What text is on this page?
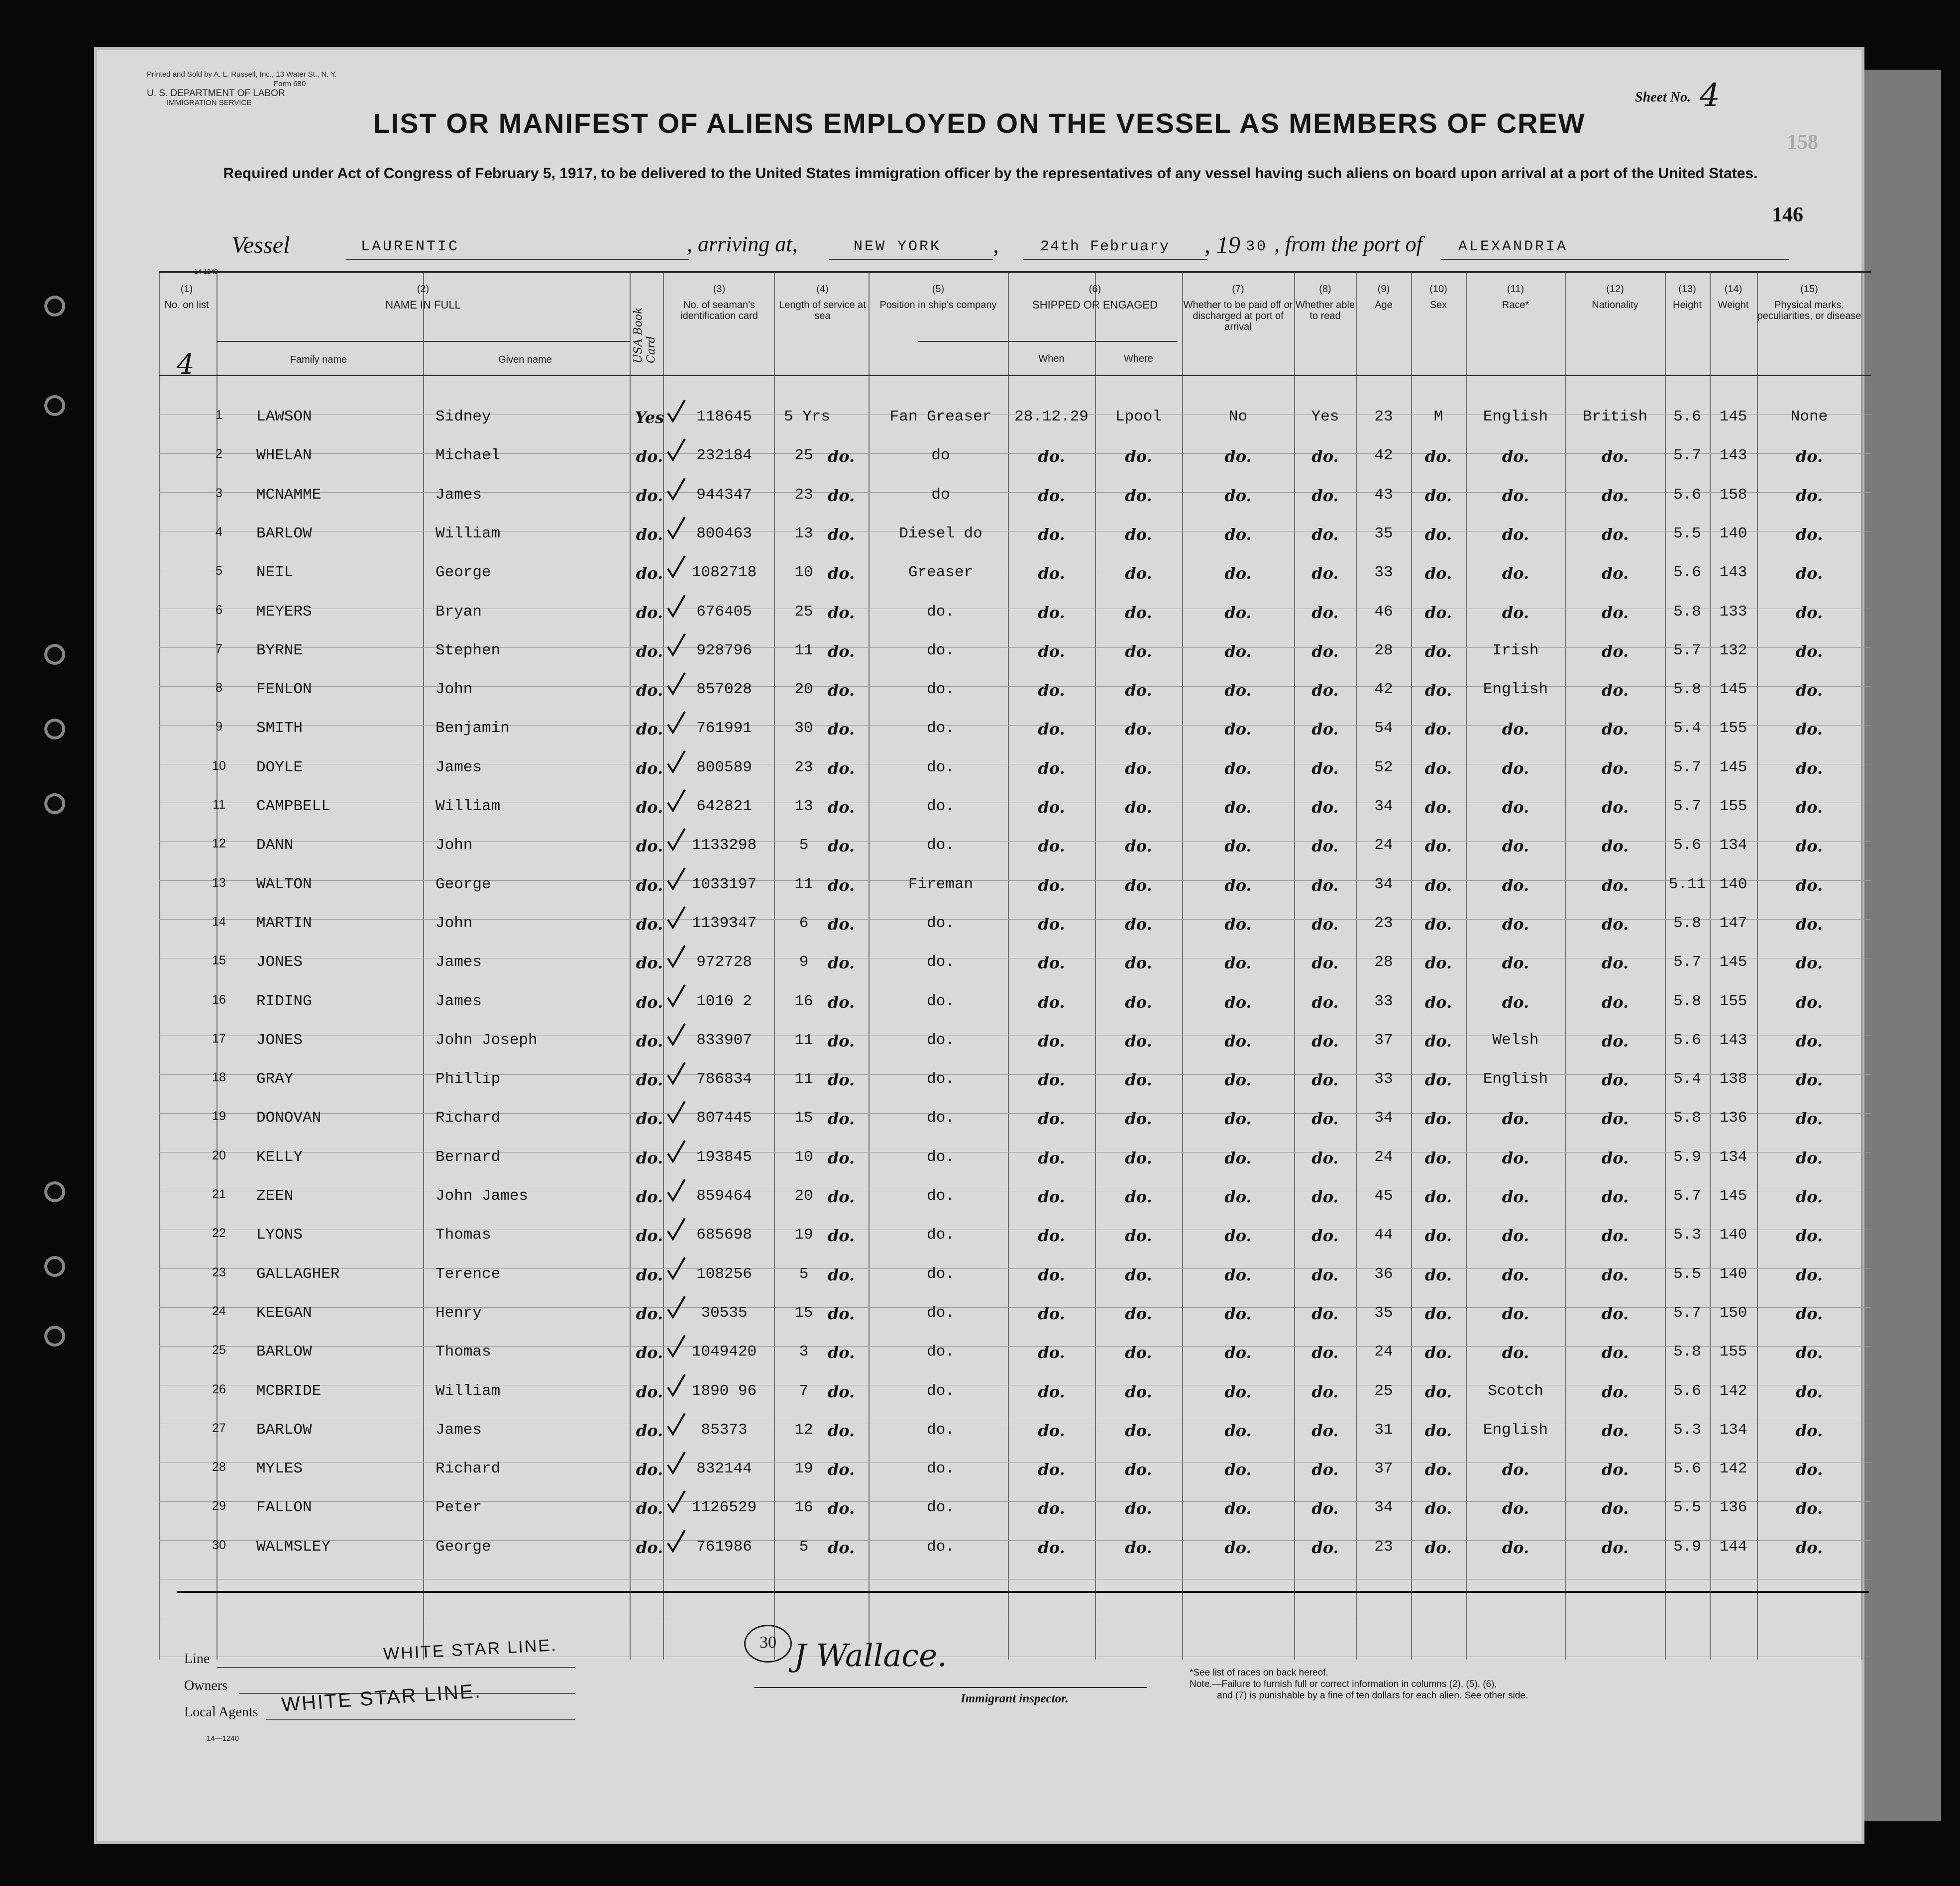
Printed and Sold by A. L. Russell, Inc., 13 Water St., N. Y.
Form 680
U. S. DEPARTMENT OF LABOR
IMMIGRATION SERVICE	Sheet No. 4
LIST OR MANIFEST OF ALIENS EMPLOYED ON THE VESSEL AS MEMBERS OF CREW
Required under Act of Congress of February 5, 1917, to be delivered to the United States immigration officer by the representatives of any vessel having such aliens on board upon arrival at a port of the United States.
146
Vessel	LAURENTIC	, arriving at,	NEW YORK ,	24th February , 19 30 , from the port of ALEXANDRIA
(1)
No. on list
4
(2)
NAME IN FULL
Family name	Given name	USA Book Card
(3)
No. of seaman's identification card
(4)
Length of service at sea
(5)
Position in ship's company
(6)
SHIPPED OR ENGAGED
When	Where
(7)
Whether to be paid off or discharged at port of arrival
(8)
Whether able to read
(9)
Age
(10)
Sex
(11)
Race*
(12)
Nationality
(13)
Height
(14)
Weight
(15)
Physical marks, peculiarities, or disease
1	LAWSON	Sidney	Yes	118645	5 Yrs	Fan Greaser	28.12.29	Lpool	No	Yes	23	M	English	British	5.6	145	None
2	WHELAN	Michael	do.	232184	25 do.	do	do.	do.	do.	do.	42	do.	do.	do.	5.7	143	do.
3	MCNAMME	James	do.	944347	23 do.	do	do.	do.	do.	do.	43	do.	do.	do.	5.6	158	do.
4	BARLOW	William	do.	800463	13 do.	Diesel do	do.	do.	do.	do.	35	do.	do.	do.	5.5	140	do.
5	NEIL	George	do.	1082718	10 do.	Greaser	do.	do.	do.	do.	33	do.	do.	do.	5.6	143	do.
6	MEYERS	Bryan	do.	676405	25 do.	do.	do.	do.	do.	do.	46	do.	do.	do.	5.8	133	do.
7	BYRNE	Stephen	do.	928796	11 do.	do.	do.	do.	do.	do.	28	do.	Irish	do.	5.7	132	do.
8	FENLON	John	do.	857028	20 do.	do.	do.	do.	do.	do.	42	do.	English	do.	5.8	145	do.
9	SMITH	Benjamin	do.	761991	30 do.	do.	do.	do.	do.	do.	54	do.	do.	do.	5.4	155	do.
10	DOYLE	James	do.	800589	23 do.	do.	do.	do.	do.	do.	52	do.	do.	do.	5.7	145	do.
11	CAMPBELL	William	do.	642821	13 do.	do.	do.	do.	do.	do.	34	do.	do.	do.	5.7	155	do.
12	DANN	John	do.	1133298	5	do.	do.	do.	do.	do.	do.	24	do.	do.	do.	5.6	134	do.
13	WALTON	George	do.	1033197	11 do.	Fireman	do.	do.	do.	do.	34	do.	do.	do.	5.11 140	do.
14	MARTIN	John	do.	1139347	6	do.	do.	do.	do.	do.	do.	23	do.	do.	do.	5.8	147	do.
15	JONES	James	do.	972728	9	do.	do.	do.	do.	do.	do.	28	do.	do.	do.	5.7	145	do.
16	RIDING	James	do.	1010 2	16 do.	do.	do.	do.	do.	do.	33	do.	do.	do.	5.8	155	do.
17	JONES	John Joseph	do.	833907	11 do.	do.	do.	do.	do.	do.	37	do.	Welsh	do.	5.6	143	do.
18	GRAY	Phillip	do.	786834	11 do.	do.	do.	do.	do.	do.	33	do.	English	do.	5.4	138	do.
19	DONOVAN	Richard	do.	807445	15 do.	do.	do.	do.	do.	do.	34	do.	do.	do.	5.8	136	do.
20	KELLY	Bernard	do.	193845	10 do.	do.	do.	do.	do.	do.	24	do.	do.	do.	5.9	134	do.
21	ZEEN	John James	do.	859464	20 do.	do.	do.	do.	do.	do.	45	do.	do.	do.	5.7	145	do.
22	LYONS	Thomas	do.	685698	19 do.	do.	do.	do.	do.	do.	44	do.	do.	do.	5.3	140	do.
23	GALLAGHER	Terence	do.	108256	5	do.	do.	do.	do.	do.	do.	36	do.	do.	do.	5.5	140	do.
24	KEEGAN	Henry	do.	30535	15 do.	do.	do.	do.	do.	do.	35	do.	do.	do.	5.7	150	do.
25	BARLOW	Thomas	do.	1049420	3	do.	do.	do.	do.	do.	do.	24	do.	do.	do.	5.8	155	do.
26	MCBRIDE	William	do.	1890 96	7	do.	do.	do.	do.	do.	do.	25	do.	Scotch	do.	5.6	142	do.
27	BARLOW	James	do.	85373	12 do.	do.	do.	do.	do.	do.	31	do.	English	do.	5.3	134	do.
28	MYLES	Richard	do.	832144	19 do.	do.	do.	do.	do.	do.	37	do.	do.	do.	5.6	142	do.
29	FALLON	Peter	do.	1126529	16 do.	do.	do.	do.	do.	do.	34	do.	do.	do.	5.5	136	do.
30	WALMSLEY	George	do.	761986	5	do.	do.	do.	do.	do.	do.	23	do.	do.	do.	5.9	144	do.
Line	WHITE STAR LINE.
Owners
Local Agents WHITE STAR LINE.
14—1240
30 J Wallace.
Immigrant inspector.
*See list of races on back hereof.
Note.—Failure to furnish full or correct information in columns (2), (5), (6),
and (7) is punishable by a fine of ten dollars for each alien. See other side.
158
